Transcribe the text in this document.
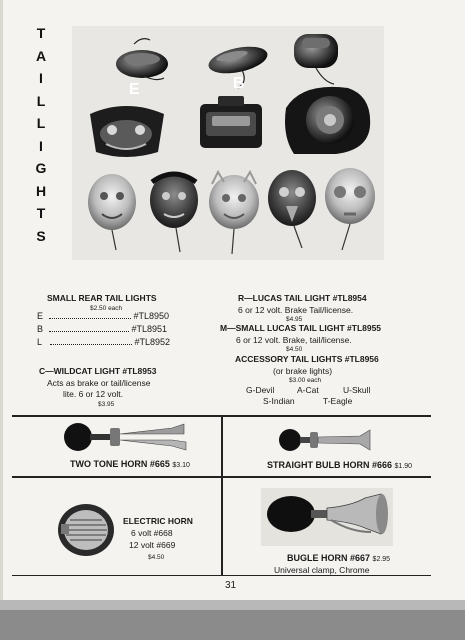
T
A
I
L
L
I
G
H
T
S
E	B
SMALL REAR TAIL LIGHTS
$2.50 each
E	#TL8950
B	#TL8951
L	#TL8952
C—WILDCAT LIGHT #TL8953
Acts as brake or tail/license
lite. 6 or 12 volt.
$3.95
R—LUCAS TAIL LIGHT #TL8954
6 or 12 volt. Brake Tail/license.
$4.95
M—SMALL LUCAS TAIL LIGHT #TL8955
6 or 12 volt. Brake, tail/license.
$4.50
ACCESSORY TAIL LIGHTS #TL8956
(or brake lights)
$3.00 each
G-Devil	A-Cat	U-Skull
S-Indian	T-Eagle
TWO TONE HORN #665 $3.10	STRAIGHT BULB HORN #666 $1.90
ELECTRIC HORN
6 volt #668
12 volt #669
$4.50	BUGLE HORN #667 $2.95
Universal clamp, Chrome
31
